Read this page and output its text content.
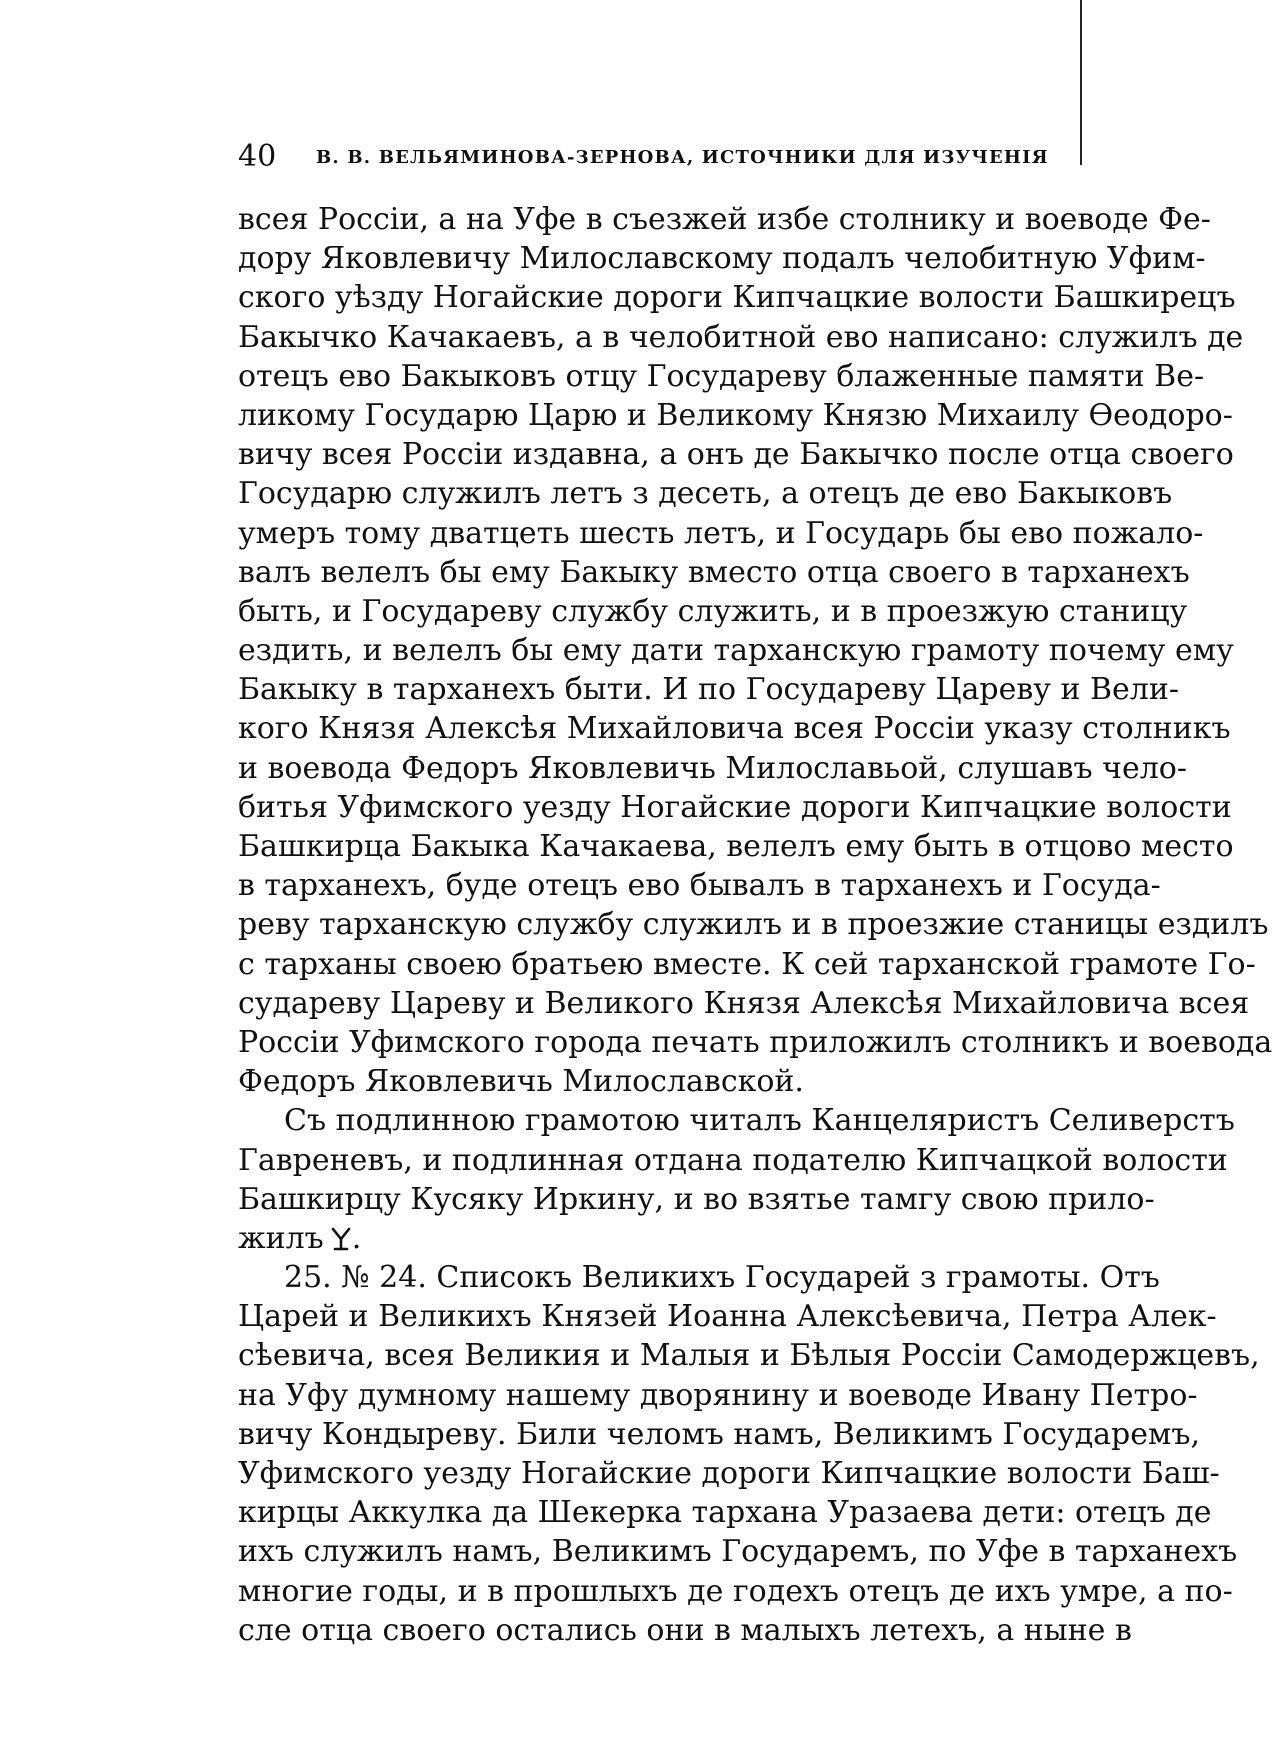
40 В. В. ВЕЛЬЯМИНОВА-ЗЕРНОВА, ИСТОЧНИКИ ДЛЯ ИЗУЧЕНІЯ
всея Россіи, а на Уфе в съезжей избе столнику и воеводе Фе-
дору Яковлевичу Милославскому подалъ челобитную Уфим-
ского уѣзду Ногайские дороги Кипчацкие волости Башкирецъ
Бакычко Качакаевъ, а в челобитной ево написано: служилъ де
отецъ ево Бакыковъ отцу Государеву блаженные памяти Ве-
ликому Государю Царю и Великому Князю Михаилу Ѳеодоро-
вичу всея Россіи издавна, а онъ де Бакычко после отца своего
Государю служилъ летъ з десеть, а отецъ де ево Бакыковъ
умеръ тому дватцеть шесть летъ, и Государь бы ево пожало-
валъ велелъ бы ему Бакыку вместо отца своего в тарханехъ
быть, и Государеву службу служить, и в проезжую станицу
ездить, и велелъ бы ему дати тарханскую грамоту почему ему
Бакыку в тарханехъ быти. И по Государеву Цареву и Вели-
кого Князя Алексѣя Михайловича всея Россіи указу столникъ
и воевода Федоръ Яковлевичь Милославьой, слушавъ чело-
битья Уфимского уезду Ногайские дороги Кипчацкие волости
Башкирца Бакыка Качакаева, велелъ ему быть в отцово место
в тарханехъ, буде отецъ ево бывалъ в тарханехъ и Госуда-
реву тарханскую службу служилъ и в проезжие станицы ездилъ
с тарханы своею братьею вместе. К сей тарханской грамоте Го-
судареву Цареву и Великого Князя Алексѣя Михайловича всея
Россіи Уфимского города печать приложилъ столникъ и воевода
Федоръ Яковлевичь Милославской.
Съ подлинною грамотою читалъ Канцеляристъ Селиверстъ
Гавреневъ, и подлинная отдана подателю Кипчацкой волости
Башкирцу Кусяку Иркину, и во взятье тамгу свою прило-
жилъ .
25. № 24. Списокъ Великихъ Государей з грамоты. Отъ
Царей и Великихъ Князей Иоанна Алексѣевича, Петра Алек-
сѣевича, всея Великия и Малыя и Бѣлыя Россіи Самодержцевъ,
на Уфу думному нашему дворянину и воеводе Ивану Петро-
вичу Кондыреву. Били челомъ намъ, Великимъ Государемъ,
Уфимского уезду Ногайские дороги Кипчацкие волости Баш-
кирцы Аккулка да Шекерка тархана Уразаева дети: отецъ де
ихъ служилъ намъ, Великимъ Государемъ, по Уфе в тарханехъ
многие годы, и в прошлыхъ де годехъ отецъ де ихъ умре, а по-
сле отца своего остались они в малыхъ летехъ, а ныне в
